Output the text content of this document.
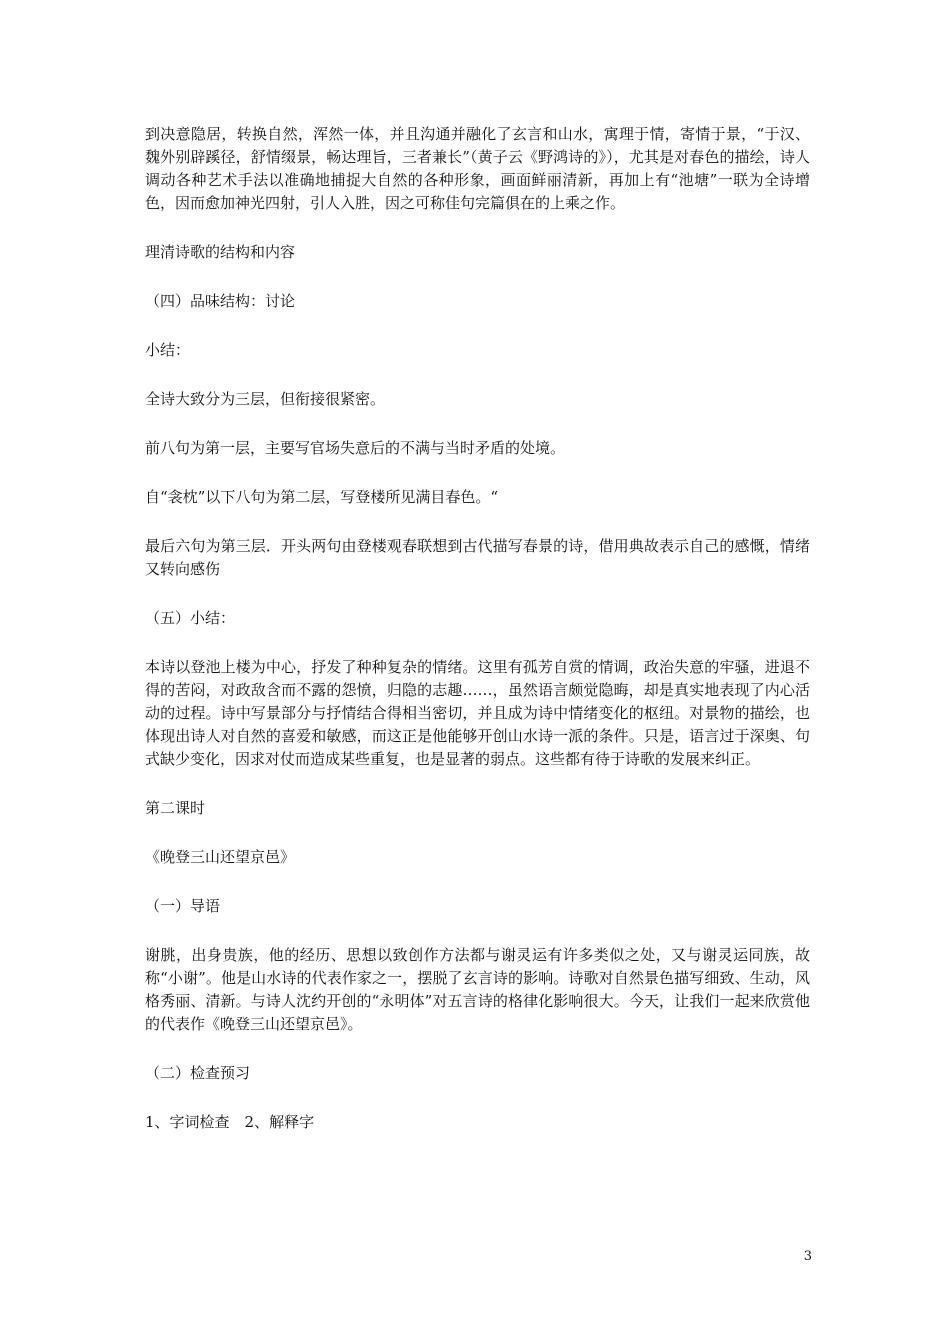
到决意隐居，转换自然，浑然一体，并且沟通并融化了玄言和山水，寓理于情，寄情于景，“于汉、魏外别辟蹊径，舒情缀景，畅达理旨，三者兼长”（黄子云《野鸿诗的》），尤其是对春色的描绘，诗人调动各种艺术手法以准确地捕捉大自然的各种形象，画面鲜丽清新，再加上有“池塘”一联为全诗增色，因而愈加神光四射，引人入胜，因之可称佳句完篇俱在的上乘之作。

理清诗歌的结构和内容

（四）品味结构：讨论

小结：

全诗大致分为三层，但衔接很紧密。

前八句为第一层，主要写官场失意后的不满与当时矛盾的处境。

自“衾枕”以下八句为第二层，写登楼所见满目春色。“

最后六句为第三层．开头两句由登楼观春联想到古代描写春景的诗，借用典故表示自己的感慨，情绪又转向感伤

（五）小结：

本诗以登池上楼为中心，抒发了种种复杂的情绪。这里有孤芳自赏的情调，政治失意的牢骚，进退不得的苦闷，对政敌含而不露的怨愤，归隐的志趣……，虽然语言颇觉隐晦，却是真实地表现了内心活动的过程。诗中写景部分与抒情结合得相当密切，并且成为诗中情绪变化的枢纽。对景物的描绘，也体现出诗人对自然的喜爱和敏感，而这正是他能够开创山水诗一派的条件。只是，语言过于深奥、句式缺少变化，因求对仗而造成某些重复，也是显著的弱点。这些都有待于诗歌的发展来纠正。

第二课时

《晚登三山还望京邑》

（一）导语

谢朓，出身贵族，他的经历、思想以致创作方法都与谢灵运有许多类似之处，又与谢灵运同族，故称“小谢”。他是山水诗的代表作家之一，摆脱了玄言诗的影响。诗歌对自然景色描写细致、生动，风格秀丽、清新。与诗人沈约开创的“永明体”对五言诗的格律化影响很大。今天，让我们一起来欣赏他的代表作《晚登三山还望京邑》。

（二）检查预习

1、字词检查　2、解释字

3
